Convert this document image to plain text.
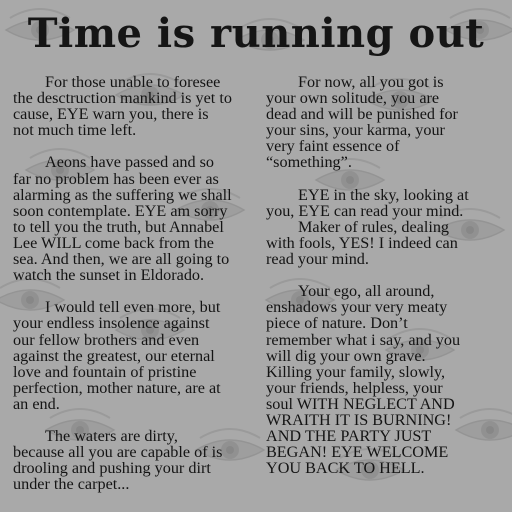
Time is running out

For those unable to foresee
the desctruction mankind is yet to
cause, EYE warn you, there is
not much time left.

Aeons have passed and so
far no problem has been ever as
alarming as the suffering we shall
soon contemplate. EYE am sorry
to tell you the truth, but Annabel
Lee WILL come back from the
sea. And then, we are all going to
watch the sunset in Eldorado.

I would tell even more, but
your endless insolence against
our fellow brothers and even
against the greatest, our eternal
love and fountain of pristine
perfection, mother nature, are at
an end.

The waters are dirty,
because all you are capable of is
drooling and pushing your dirt
under the carpet...

For now, all you got is
your own solitude, you are
dead and will be punished for
your sins, your karma, your
very faint essence of
“something”.

EYE in the sky, looking at
you, EYE can read your mind.

Maker of rules, dealing
with fools, YES! I indeed can
read your mind.

Your ego, all around,
enshadows your very meaty
piece of nature. Don’t
remember what i say, and you
will dig your own grave.
Killing your family, slowly,
your friends, helpless, your
soul WITH NEGLECT AND
WRAITH IT IS BURNING!
AND THE PARTY JUST
BEGAN! EYE WELCOME
YOU BACK TO HELL.
